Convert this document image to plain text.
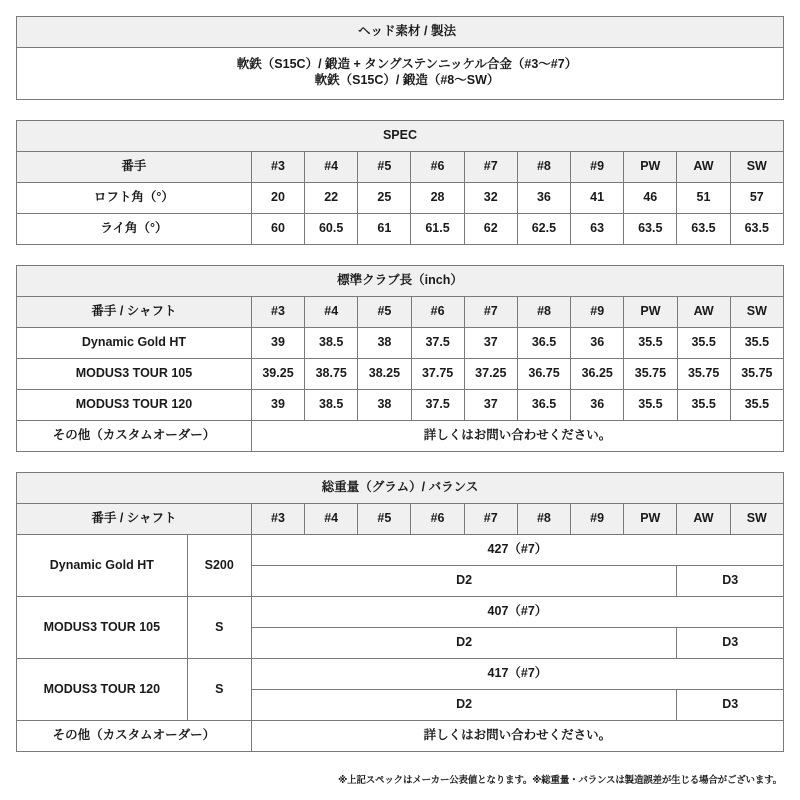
ヘッド素材 / 製法

軟鉄（S15C）/ 鍛造 + タングステンニッケル合金（#3～#7）
軟鉄（S15C）/ 鍛造（#8～SW）
SPEC										
番手	#3	#4	#5	#6	#7	#8	#9	PW	AW	SW
ロフト角（°）	20	22	25	28	32	36	41	46	51	57
ライ角（°）	60	60.5	61	61.5	62	62.5	63	63.5	63.5	63.5
標準クラブ長（inch）										
番手 / シャフト	#3	#4	#5	#6	#7	#8	#9	PW	AW	SW
Dynamic Gold HT	39	38.5	38	37.5	37	36.5	36	35.5	35.5	35.5
MODUS3 TOUR 105	39.25	38.75	38.25	37.75	37.25	36.75	36.25	35.75	35.75	35.75
MODUS3 TOUR 120	39	38.5	38	37.5	37	36.5	36	35.5	35.5	35.5
その他（カスタムオーダー）	詳しくはお問い合わせください。									
総重量（グラム）/ バランス											
番手 / シャフト		#3	#4	#5	#6	#7	#8	#9	PW	AW	SW
Dynamic Gold HT	S200	427（#7）									
		D2								D3	
MODUS3 TOUR 105	S	407（#7）									
		D2								D3	
MODUS3 TOUR 120	S	417（#7）									
		D2								D3	
その他（カスタムオーダー）		詳しくはお問い合わせください。									
※上記スペックはメーカー公表値となります。※総重量・バランスは製造誤差が生じる場合がございます。
